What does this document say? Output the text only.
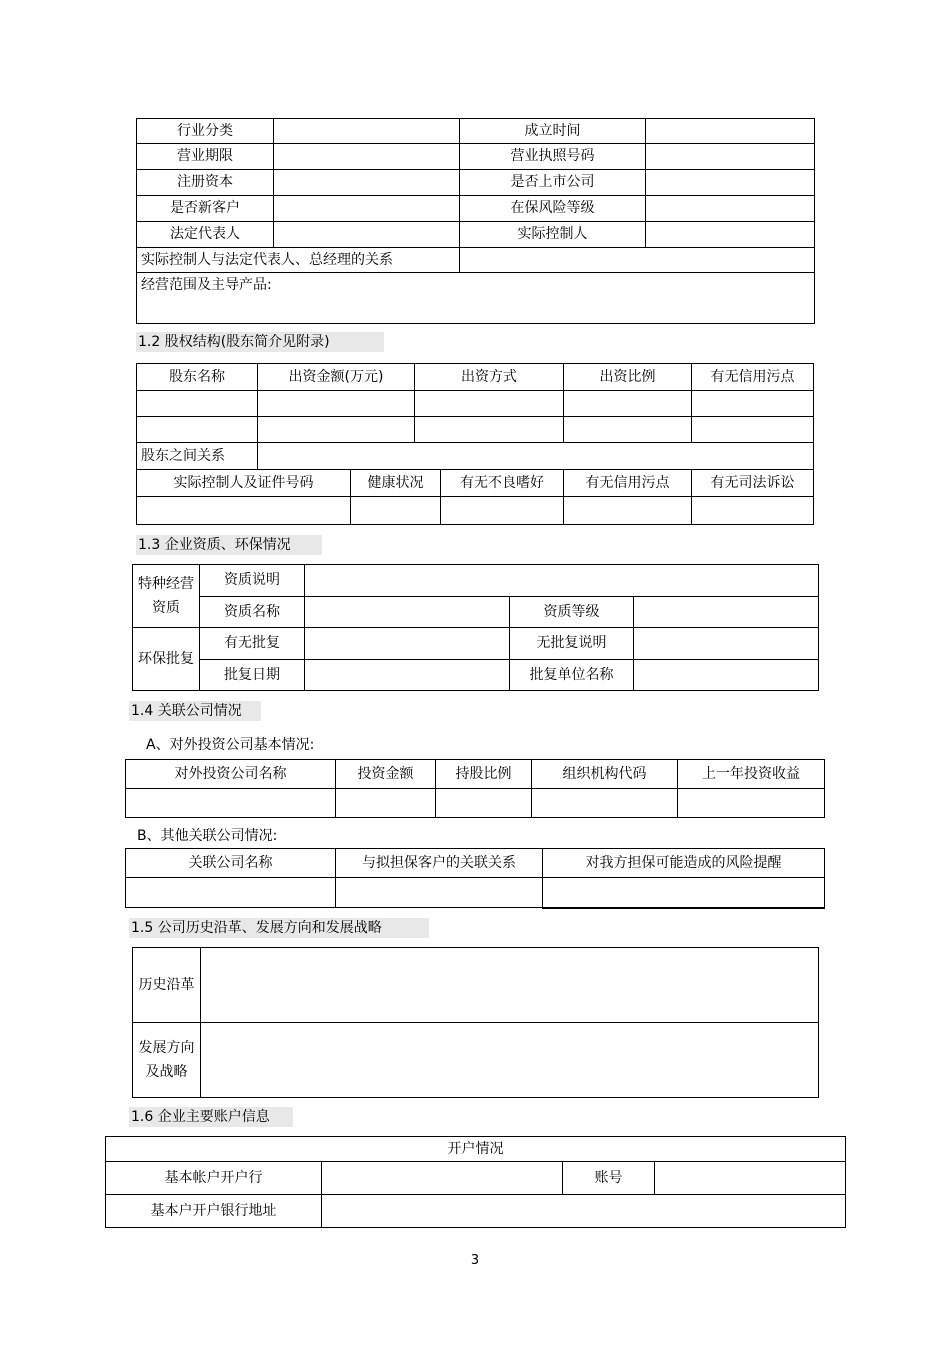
行业分类		成立时间	
营业期限		营业执照号码	
注册资本		是否上市公司	
是否新客户		在保风险等级	
法定代表人		实际控制人	
实际控制人与法定代表人、总经理的关系			
经营范围及主导产品:			
1.2 股权结构(股东简介见附录)
股东名称	出资金额(万元)		出资方式		出资比例	有无信用污点

股东之间关系						
实际控制人及证件号码		健康状况		有无不良嗜好	有无信用污点	有无司法诉讼

1.3 企业资质、环保情况
特种经营资质	资质说明			
	资质名称		资质等级	
环保批复	有无批复		无批复说明	
	批复日期		批复单位名称	
1.4 关联公司情况
A、对外投资公司基本情况:
对外投资公司名称	投资金额	持股比例	组织机构代码	上一年投资收益

B、其他关联公司情况:
关联公司名称	与拟担保客户的关联关系	对我方担保可能造成的风险提醒

1.5 公司历史沿革、发展方向和发展战略
历史沿革	
发展方向及战略	
1.6 企业主要账户信息
开户情况			
基本帐户开户行		账号	
基本户开户银行地址			
3
